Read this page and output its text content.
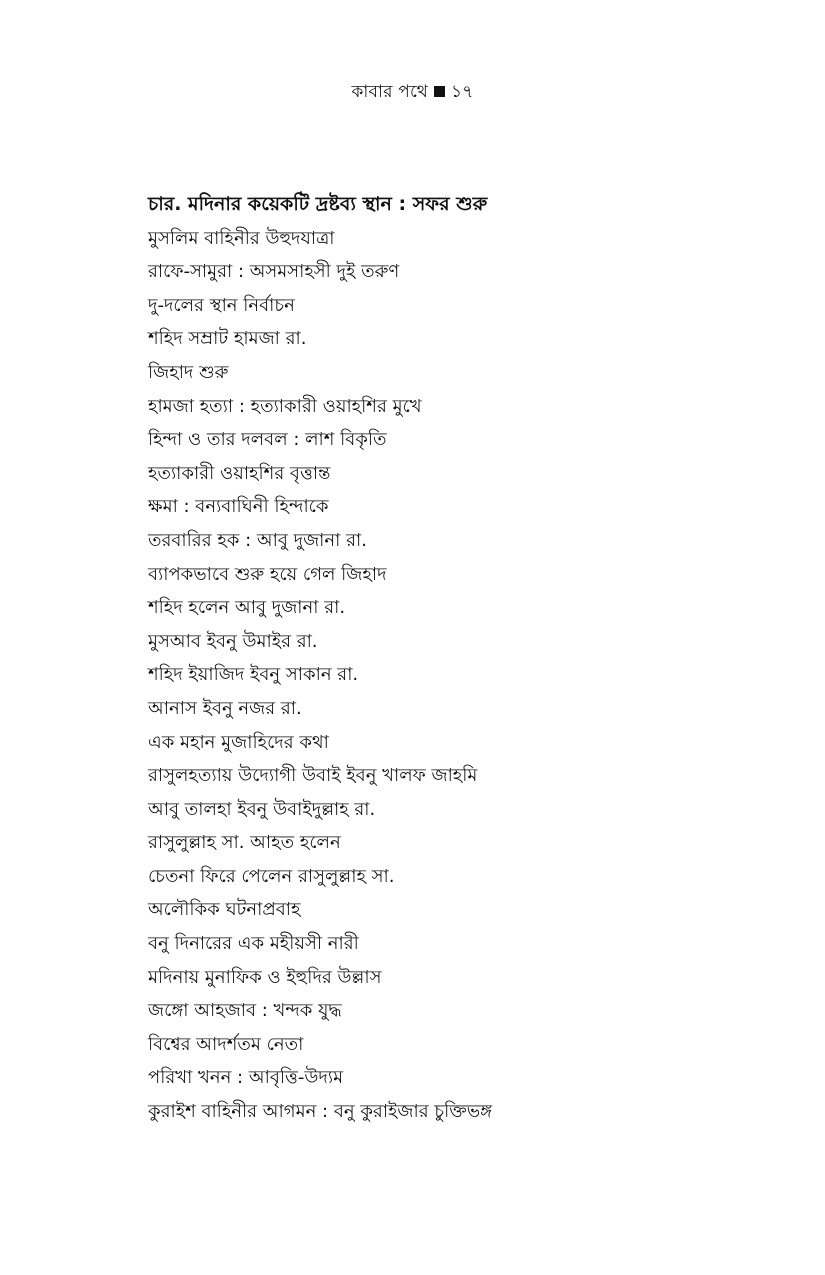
কাবার পথে ১৭
চার. মদিনার কয়েকটি দ্রষ্টব্য স্থান : সফর শুরু
মুসলিম বাহিনীর উহুদযাত্রা
রাফে-সামুরা : অসমসাহসী দুই তরুণ
দু-দলের স্থান নির্বাচন
শহিদ সম্রাট হামজা রা.
জিহাদ শুরু
হামজা হত্যা : হত্যাকারী ওয়াহশির মুখে
হিন্দা ও তার দলবল : লাশ বিকৃতি
হত্যাকারী ওয়াহশির বৃত্তান্ত
ক্ষমা : বন্যবাঘিনী হিন্দাকে
তরবারির হক : আবু দুজানা রা.
ব্যাপকভাবে শুরু হয়ে গেল জিহাদ
শহিদ হলেন আবু দুজানা রা.
মুসআব ইবনু উমাইর রা.
শহিদ ইয়াজিদ ইবনু সাকান রা.
আনাস ইবনু নজর রা.
এক মহান মুজাহিদের কথা
রাসুলহত্যায় উদ্যোগী উবাই ইবনু খালফ জাহমি
আবু তালহা ইবনু উবাইদুল্লাহ রা.
রাসুলুল্লাহ সা. আহত হলেন
চেতনা ফিরে পেলেন রাসুলুল্লাহ সা.
অলৌকিক ঘটনাপ্রবাহ
বনু দিনারের এক মহীয়সী নারী
মদিনায় মুনাফিক ও ইহুদির উল্লাস
জঙ্গো আহজাব : খন্দক যুদ্ধ
বিশ্বের আদর্শতম নেতা
পরিখা খনন : আবৃত্তি-উদ্যম
কুরাইশ বাহিনীর আগমন : বনু কুরাইজার চুক্তিভঙ্গ
